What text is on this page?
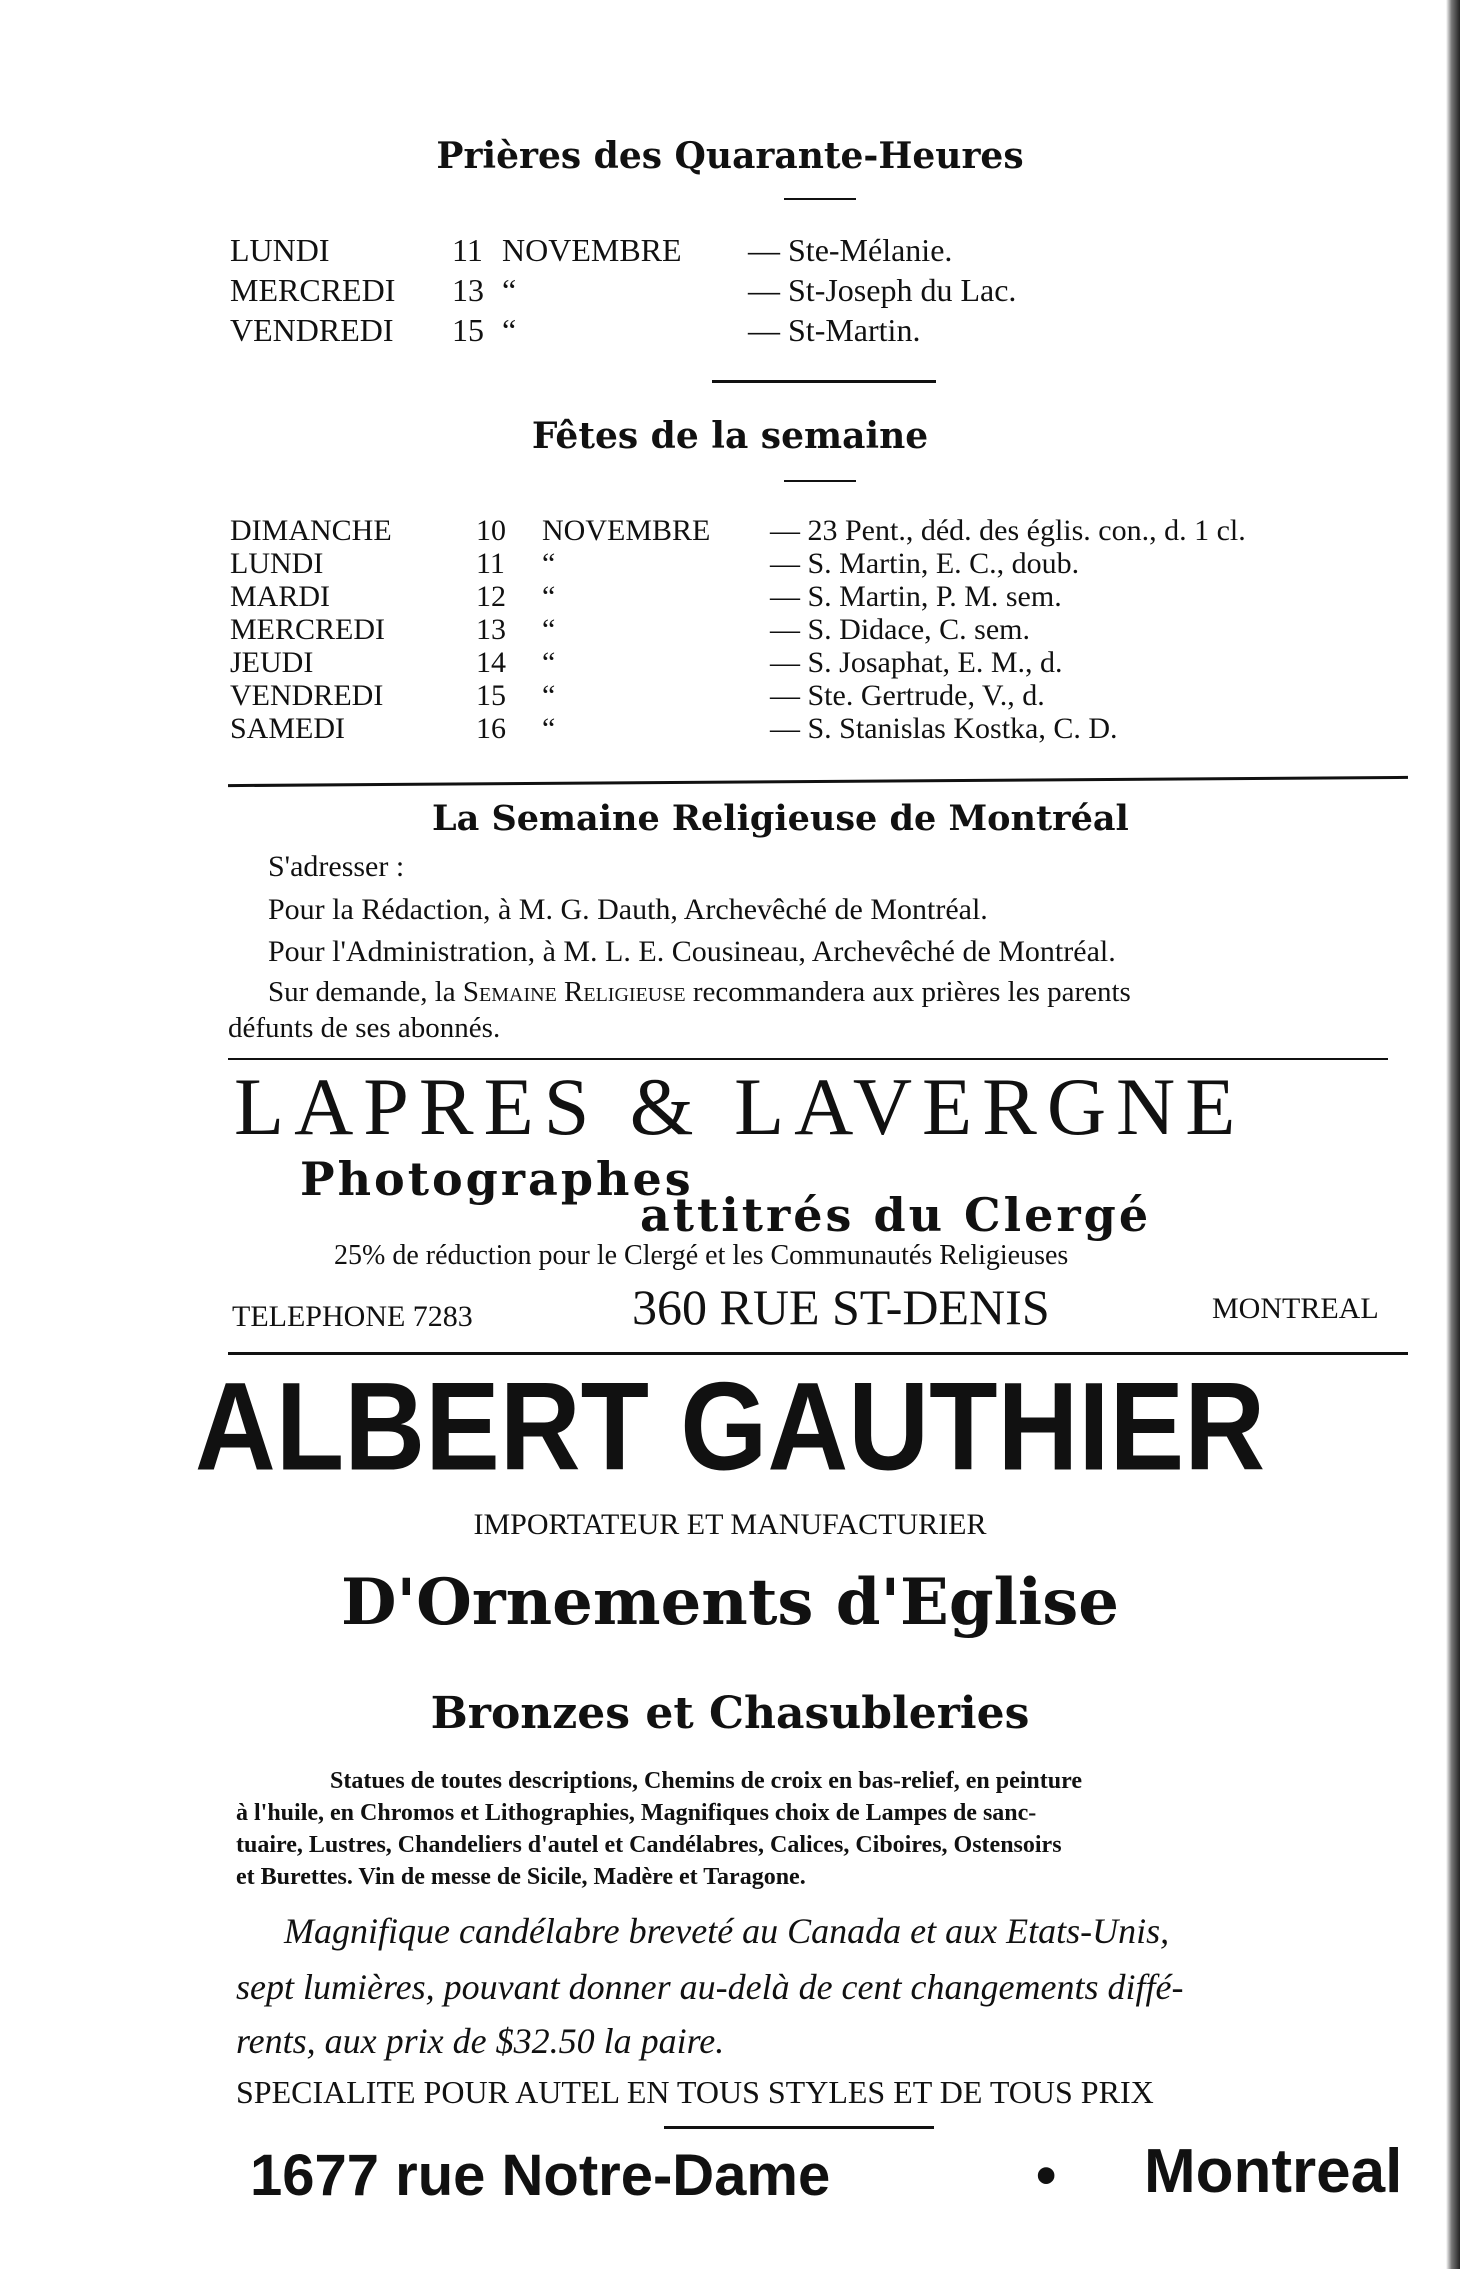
Prières des Quarante-Heures
LUNDI	11 NOVEMBRE — Ste-Mélanie.
MERCREDI 13 “	— St-Joseph du Lac.
VENDREDI 15 “	— St-Martin.
Fêtes de la semaine
DIMANCHE	10 NOVEMBRE — 23 Pent., déd. des églis. con., d. 1 cl.
LUNDI	11 “	— S. Martin, E. C., doub.
MARDI	12 “	— S. Martin, P. M. sem.
MERCREDI	13 “	— S. Didace, C. sem.
JEUDI	14 “	— S. Josaphat, E. M., d.
VENDREDI	15 “	— Ste. Gertrude, V., d.
SAMEDI	16 “	— S. Stanislas Kostka, C. D.
La Semaine Religieuse de Montréal
S'adresser :
Pour la Rédaction, à M. G. Dauth, Archevêché de Montréal.
Pour l'Administration, à M. L. E. Cousineau, Archevêché de Montréal.
Sur demande, la Semaine Religieuse recommandera aux prières les parents
défunts de ses abonnés.
LAPRES & LAVERGNE
Photographes
attitrés du Clergé
25% de réduction pour le Clergé et les Communautés Religieuses
TELEPHONE 7283	360 RUE ST-DENIS	MONTREAL
ALBERT GAUTHIER
IMPORTATEUR ET MANUFACTURIER
D'Ornements d'Eglise
Bronzes et Chasubleries
Statues de toutes descriptions, Chemins de croix en bas-relief, en peinture
à l'huile, en Chromos et Lithographies, Magnifiques choix de Lampes de sanc-
tuaire, Lustres, Chandeliers d'autel et Candélabres, Calices, Ciboires, Ostensoirs
et Burettes. Vin de messe de Sicile, Madère et Taragone.
Magnifique candélabre breveté au Canada et aux Etats-Unis,
sept lumières, pouvant donner au-delà de cent changements diffé-
rents, aux prix de $32.50 la paire.
SPECIALITE POUR AUTEL EN TOUS STYLES ET DE TOUS PRIX
1677 rue Notre-Dame	• Montreal
